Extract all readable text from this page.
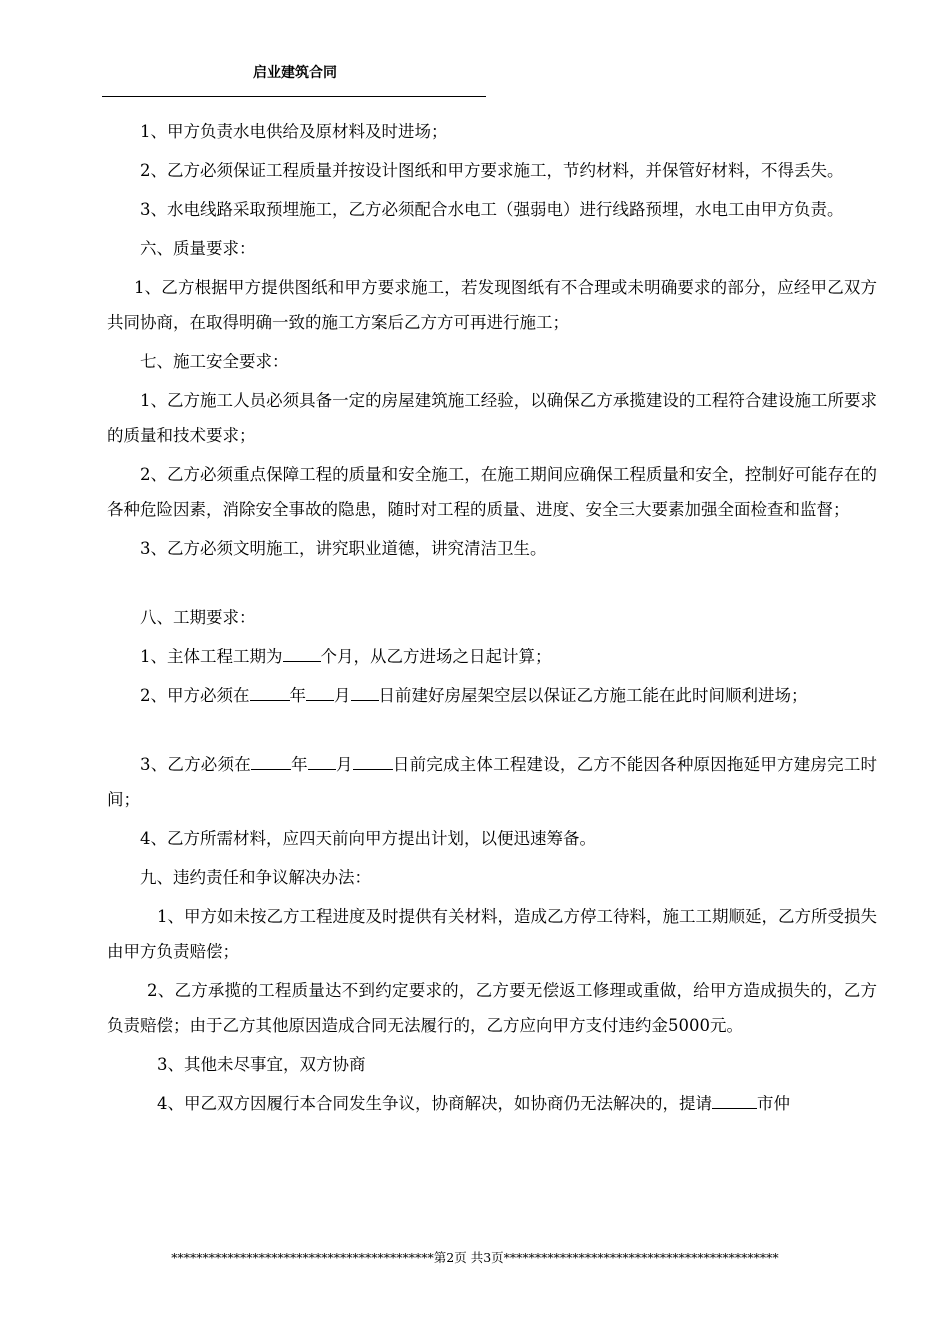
启业建筑合同

1、甲方负责水电供给及原材料及时进场；

2、乙方必须保证工程质量并按设计图纸和甲方要求施工，节约材料，并保管好材料，不得丢失。

3、水电线路采取预埋施工，乙方必须配合水电工（强弱电）进行线路预埋，水电工由甲方负责。

六、质量要求：

1、乙方根据甲方提供图纸和甲方要求施工，若发现图纸有不合理或未明确要求的部分，应经甲乙双方共同协商，在取得明确一致的施工方案后乙方方可再进行施工；

七、施工安全要求：

1、乙方施工人员必须具备一定的房屋建筑施工经验，以确保乙方承揽建设的工程符合建设施工所要求的质量和技术要求；

2、乙方必须重点保障工程的质量和安全施工，在施工期间应确保工程质量和安全，控制好可能存在的各种危险因素，消除安全事故的隐患，随时对工程的质量、进度、安全三大要素加强全面检查和监督；

3、乙方必须文明施工，讲究职业道德，讲究清洁卫生。

八、工期要求：

1、主体工程工期为 个月，从乙方进场之日起计算；

2、甲方必须在 年 月 日前建好房屋架空层以保证乙方施工能在此时间顺利进场；

3、乙方必须在 年 月 日前完成主体工程建设，乙方不能因各种原因拖延甲方建房完工时间；

4、乙方所需材料，应四天前向甲方提出计划，以便迅速筹备。

九、违约责任和争议解决办法：

1、甲方如未按乙方工程进度及时提供有关材料，造成乙方停工待料，施工工期顺延，乙方所受损失由甲方负责赔偿；

2、乙方承揽的工程质量达不到约定要求的，乙方要无偿返工修理或重做，给甲方造成损失的，乙方负责赔偿；由于乙方其他原因造成合同无法履行的，乙方应向甲方支付违约金5000元。

3、其他未尽事宜，双方协商

4、甲乙双方因履行本合同发生争议，协商解决，如协商仍无法解决的，提请	市仲

******************************************第2页 共3页********************************************
